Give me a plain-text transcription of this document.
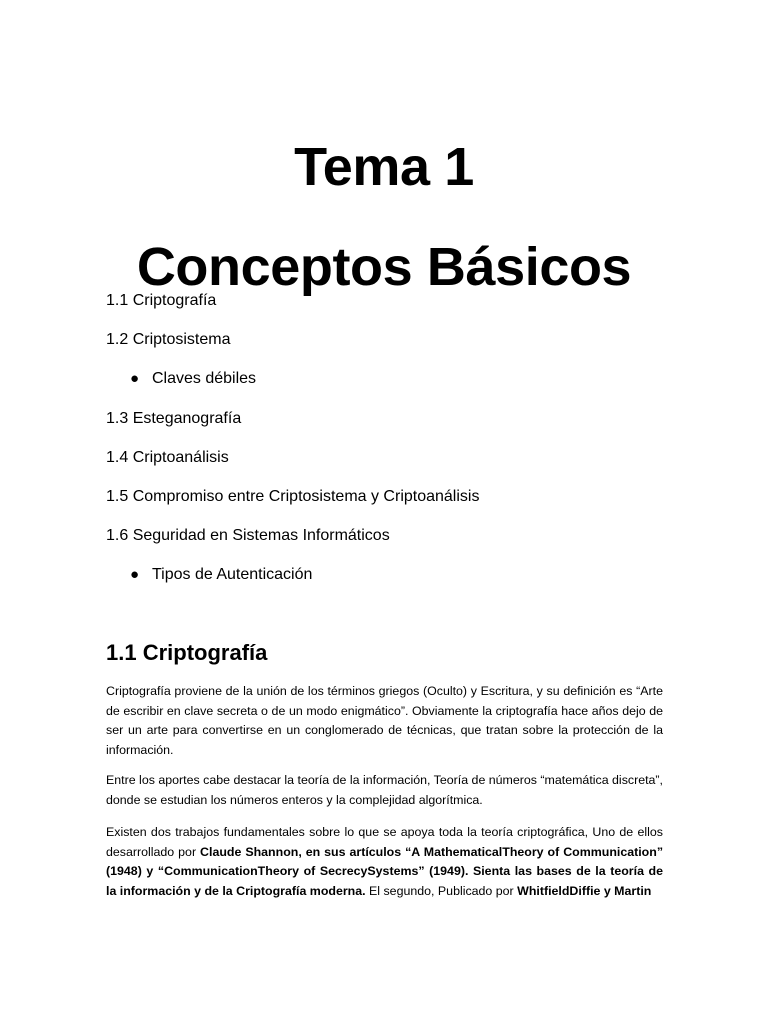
Tema 1
Conceptos Básicos
1.1 Criptografía
1.2 Criptosistema
● Claves débiles
1.3 Esteganografía
1.4 Criptoanálisis
1.5 Compromiso entre Criptosistema y Criptoanálisis
1.6 Seguridad en Sistemas Informáticos
● Tipos de Autenticación
1.1 Criptografía

Criptografía proviene de la unión de los términos griegos (Oculto) y Escritura, y su definición es “Arte de escribir en clave secreta o de un modo enigmático”. Obviamente la criptografía hace años dejo de ser un arte para convertirse en un conglomerado de técnicas, que tratan sobre la protección de la información.

Entre los aportes cabe destacar la teoría de la información, Teoría de números “matemática discreta”, donde se estudian los números enteros y la complejidad algorítmica.

Existen dos trabajos fundamentales sobre lo que se apoya toda la teoría criptográfica, Uno de ellos desarrollado por Claude Shannon, en sus artículos “A MathematicalTheory of Communication” (1948) y “CommunicationTheory of SecrecySystems” (1949). Sienta las bases de la teoría de la información y de la Criptografía moderna. El segundo, Publicado por WhitfieldDiffie y Martin
